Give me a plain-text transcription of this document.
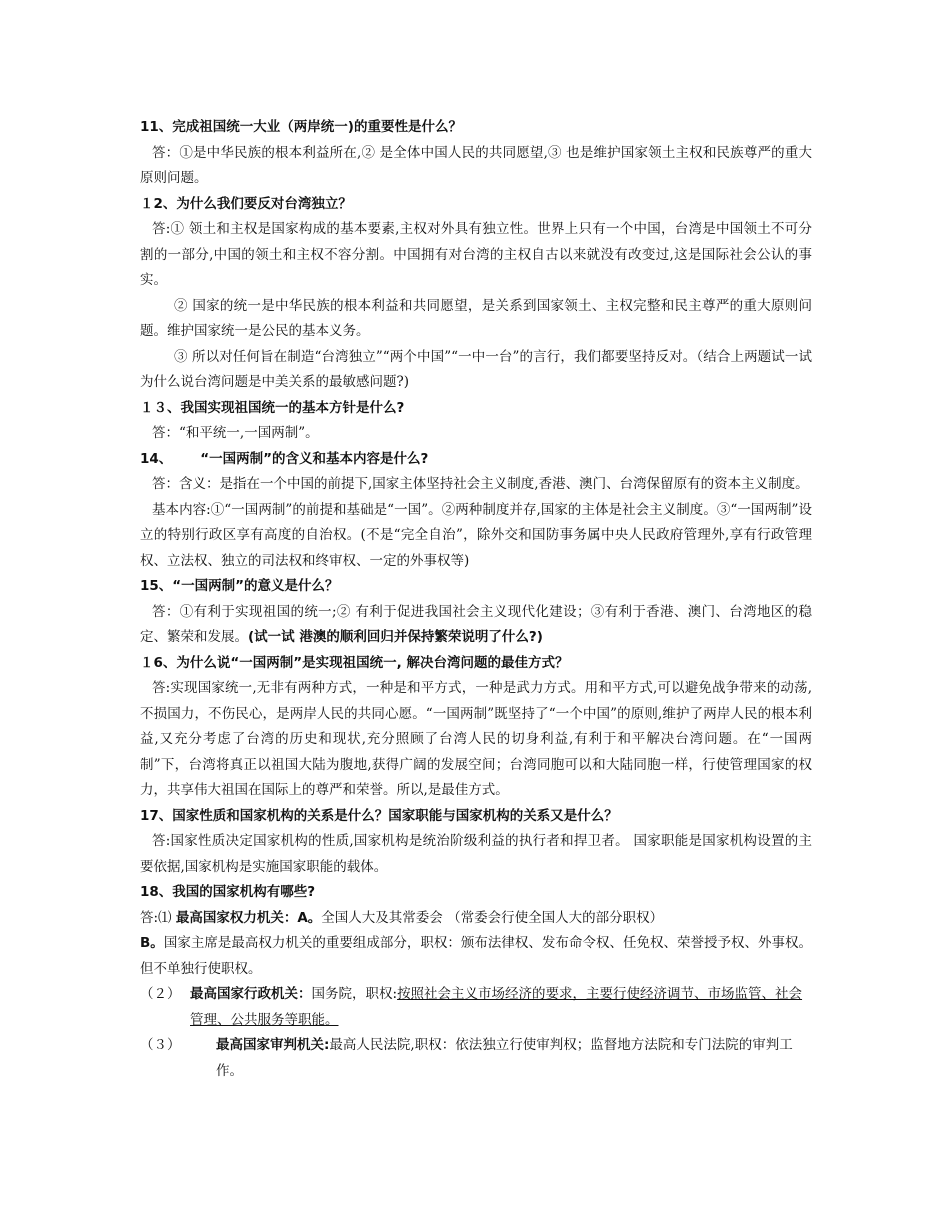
11、完成祖国统一大业（两岸统一)的重要性是什么？
答：①是中华民族的根本利益所在,② 是全体中国人民的共同愿望,③ 也是维护国家领土主权和民族尊严的重大原则问题。
１2、为什么我们要反对台湾独立？
答:① 领土和主权是国家构成的基本要素,主权对外具有独立性。世界上只有一个中国，台湾是中国领土不可分割的一部分,中国的领土和主权不容分割。中国拥有对台湾的主权自古以来就没有改变过,这是国际社会公认的事实。
② 国家的统一是中华民族的根本利益和共同愿望，是关系到国家领土、主权完整和民主尊严的重大原则问题。维护国家统一是公民的基本义务。
③ 所以对任何旨在制造“台湾独立”“两个中国”“一中一台”的言行，我们都要坚持反对。（结合上两题试一试　 为什么说台湾问题是中美关系的最敏感问题?)
１３、我国实现祖国统一的基本方针是什么?
答：“和平统一,一国两制”。
14、 “一国两制”的含义和基本内容是什么?
答：含义：是指在一个中国的前提下,国家主体坚持社会主义制度,香港、澳门、台湾保留原有的资本主义制度。
基本内容:①“一国两制”的前提和基础是“一国”。②两种制度并存,国家的主体是社会主义制度。③“一国两制”设立的特别行政区享有高度的自治权。(不是“完全自治”，除外交和国防事务属中央人民政府管理外,享有行政管理权、立法权、独立的司法权和终审权、一定的外事权等)
15、“一国两制”的意义是什么？
答：①有利于实现祖国的统一;② 有利于促进我国社会主义现代化建设；③有利于香港、澳门、台湾地区的稳定、繁荣和发展。(试一试 港澳的顺利回归并保持繁荣说明了什么?)
１6、为什么说“一国两制”是实现祖国统一, 解决台湾问题的最佳方式？
答:实现国家统一,无非有两种方式，一种是和平方式，一种是武力方式。用和平方式,可以避免战争带来的动荡,不损国力，不伤民心，是两岸人民的共同心愿。“一国两制”既坚持了“一个中国”的原则,维护了两岸人民的根本利益,又充分考虑了台湾的历史和现状,充分照顾了台湾人民的切身利益,有利于和平解决台湾问题。在“一国两制”下，台湾将真正以祖国大陆为腹地,获得广阔的发展空间；台湾同胞可以和大陆同胞一样，行使管理国家的权力，共享伟大祖国在国际上的尊严和荣誉。所以,是最佳方式。
17、国家性质和国家机构的关系是什么？国家职能与国家机构的关系又是什么？
答:国家性质决定国家机构的性质,国家机构是统治阶级利益的执行者和捍卫者。 国家职能是国家机构设置的主要依据,国家机构是实施国家职能的载体。
18、我国的国家机构有哪些?
答:⑴ 最高国家权力机关：A。全国人大及其常委会 （常委会行使全国人大的部分职权）
B。国家主席是最高权力机关的重要组成部分，职权：颁布法律权、发布命令权、任免权、荣誉授予权、外事权。但不单独行使职权。
（２） 最高国家行政机关：国务院，职权:按照社会主义市场经济的要求，主要行使经济调节、市场监管、社会管理、公共服务等职能。
（３）	最高国家审判机关:最高人民法院,职权：依法独立行使审判权；监督地方法院和专门法院的审判工作。
